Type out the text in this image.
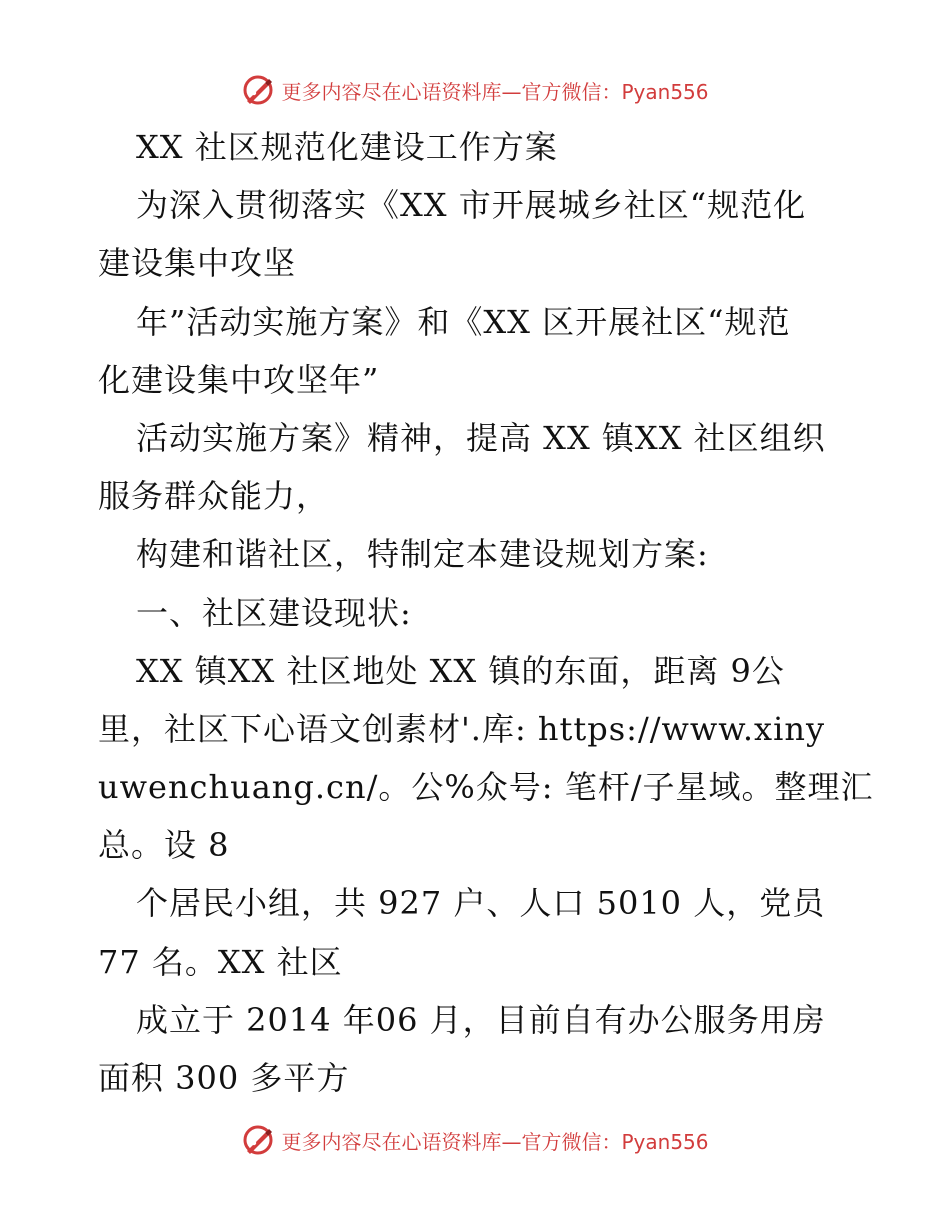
更多内容尽在心语资料库—官方微信：Pyan556
XX 社区规范化建设工作方案
为深入贯彻落实《XX 市开展城乡社区“规范化
建设集中攻坚
年”活动实施方案》和《XX 区开展社区“规范
化建设集中攻坚年”
活动实施方案》精神，提高 XX 镇XX 社区组织
服务群众能力，
构建和谐社区，特制定本建设规划方案:
一、社区建设现状:
XX 镇XX 社区地处 XX 镇的东面，距离 9公
里，社区下心语文创素材'.库: https://www.xiny
uwenchuang.cn/。公%众号: 笔杆/子星域。整理汇
总。设 8
个居民小组，共 927 户、人口 5010 人，党员
77 名。XX 社区
成立于 2014 年06 月，目前自有办公服务用房
面积 300 多平方
更多内容尽在心语资料库—官方微信：Pyan556
